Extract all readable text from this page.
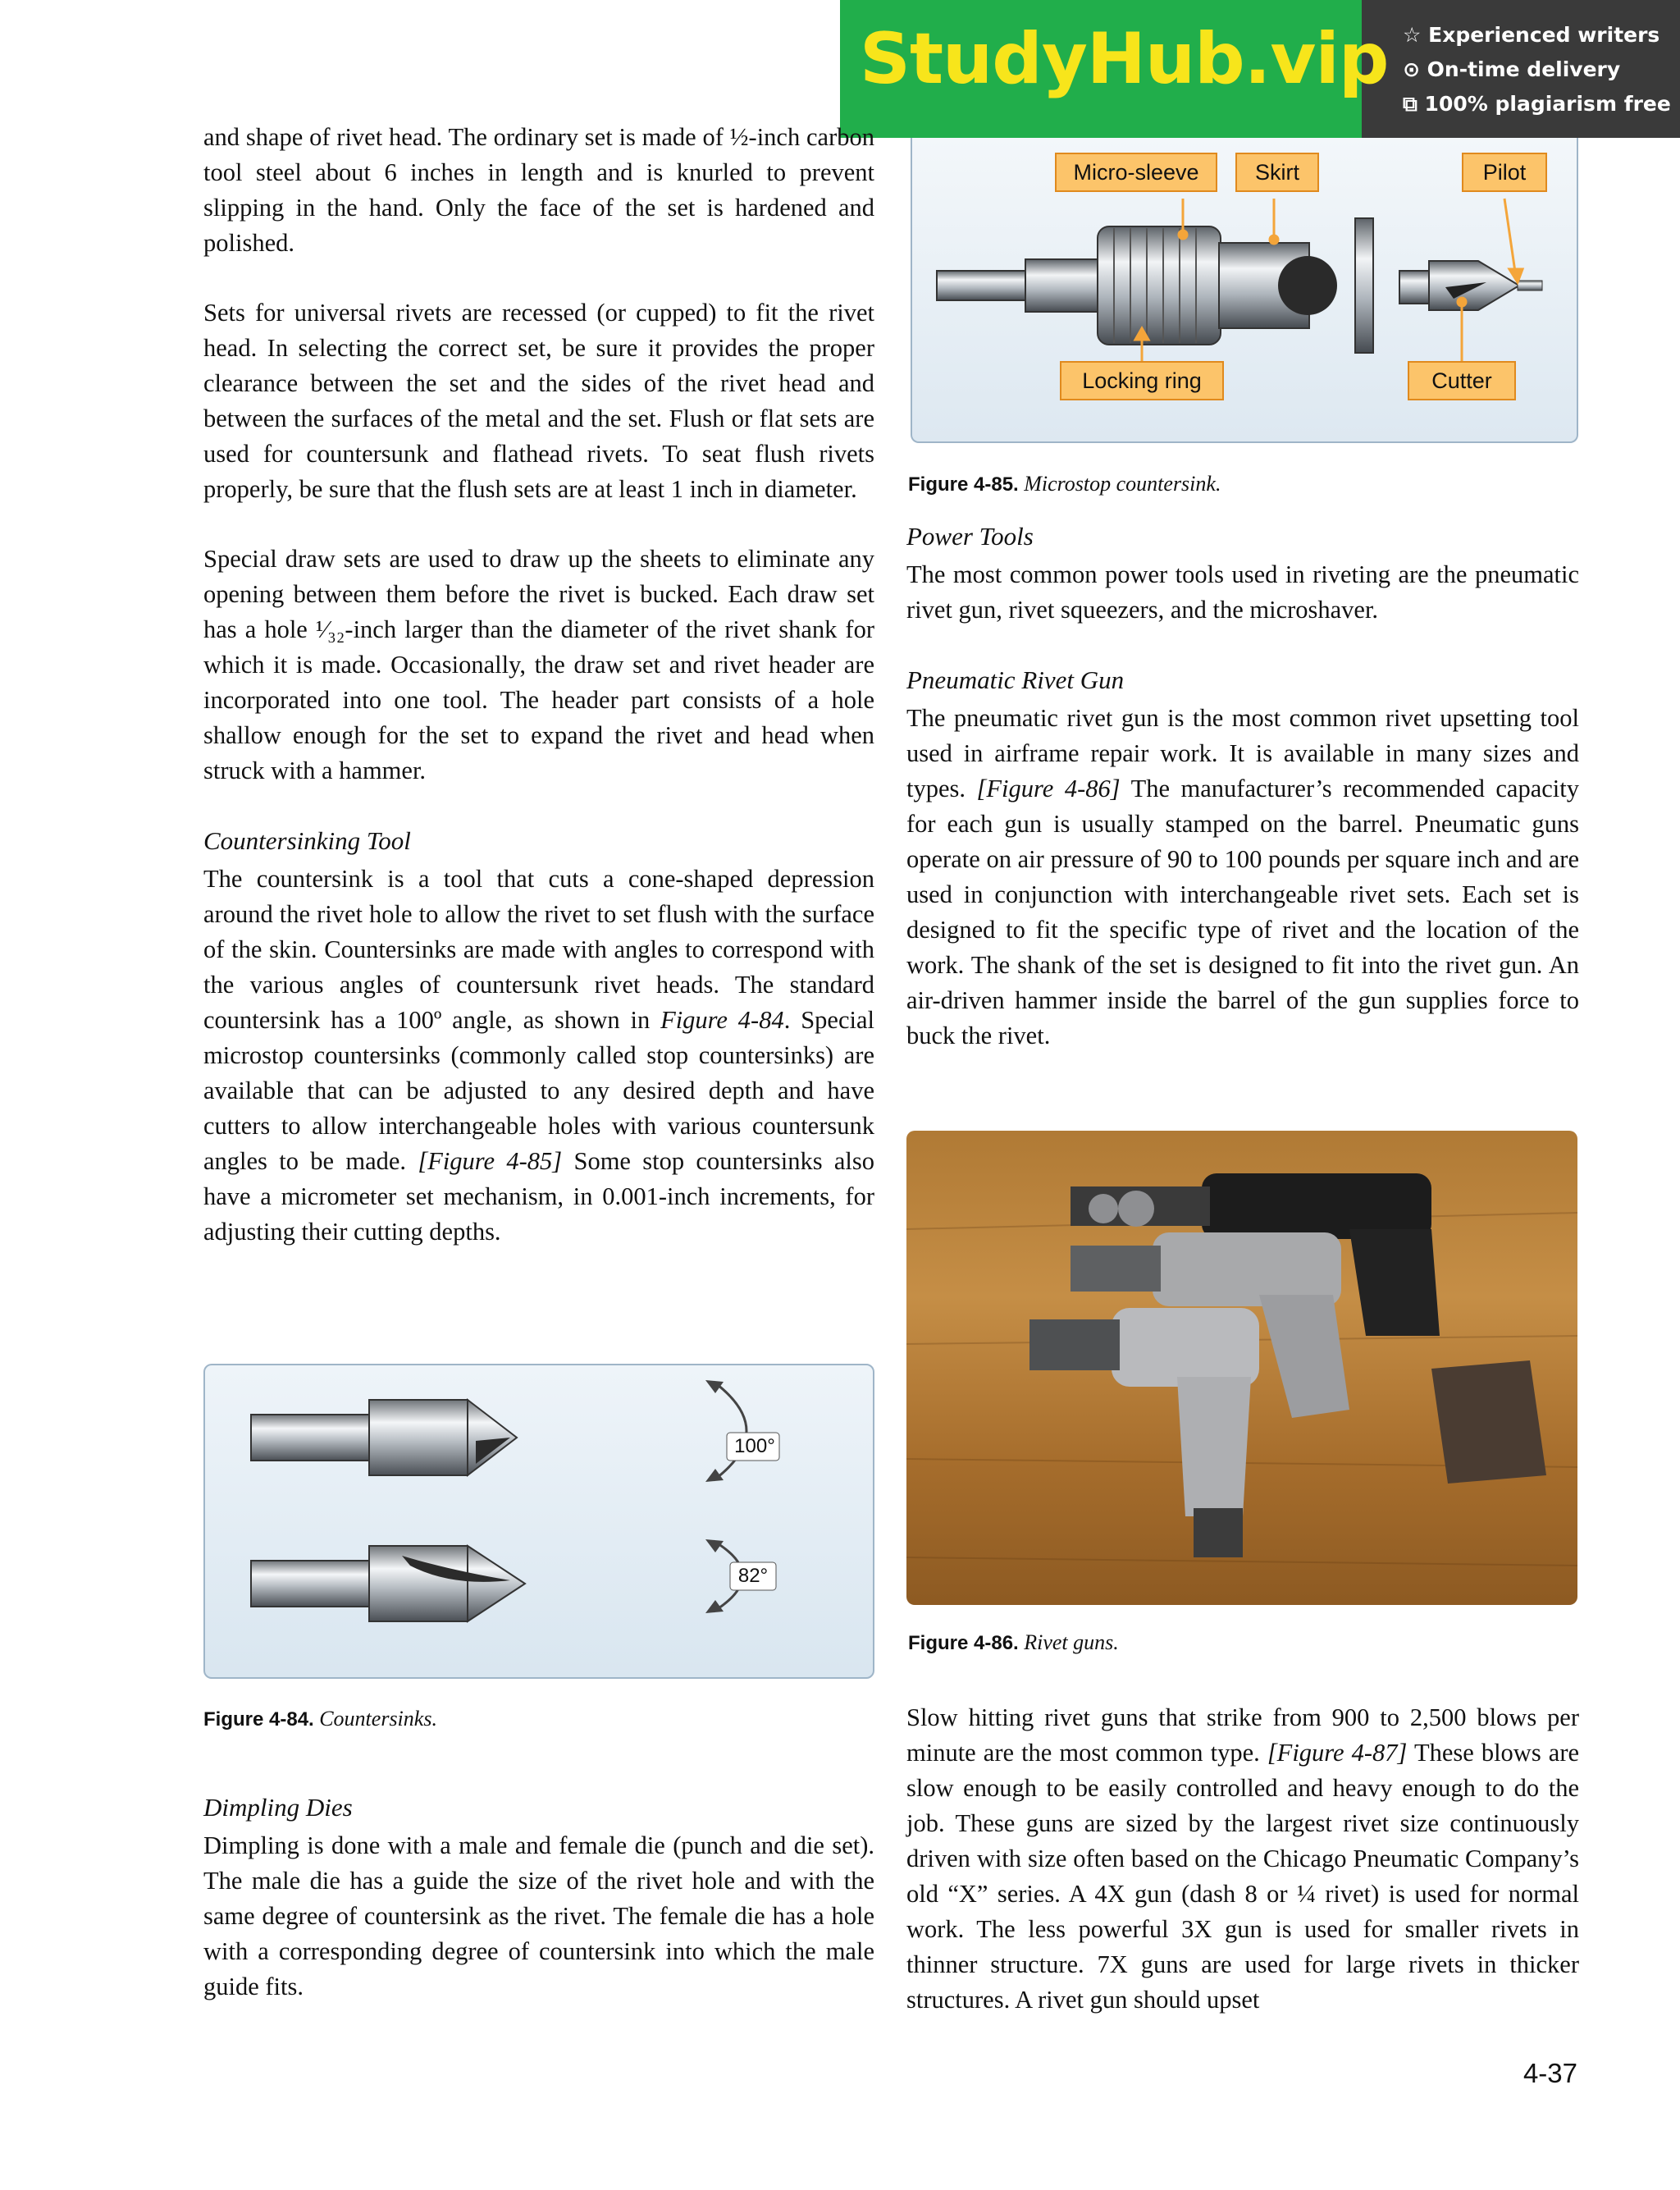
StudyHub.vip ☆ Experienced writers
⊙ On-time delivery
⧉ 100% plagiarism free

and shape of rivet head. The ordinary set is made of ½-inch carbon tool steel about 6 inches in length and is knurled to prevent slipping in the hand. Only the face of the set is hardened and polished.

Sets for universal rivets are recessed (or cupped) to fit the rivet head. In selecting the correct set, be sure it provides the proper clearance between the set and the sides of the rivet head and between the surfaces of the metal and the set. Flush or flat sets are used for countersunk and flathead rivets. To seat flush rivets properly, be sure that the flush sets are at least 1 inch in diameter.

Special draw sets are used to draw up the sheets to eliminate any opening between them before the rivet is bucked. Each draw set has a hole ¹⁄₃₂-inch larger than the diameter of the rivet shank for which it is made. Occasionally, the draw set and rivet header are incorporated into one tool. The header part consists of a hole shallow enough for the set to expand the rivet and head when struck with a hammer.

Countersinking Tool

The countersink is a tool that cuts a cone-shaped depression around the rivet hole to allow the rivet to set flush with the surface of the skin. Countersinks are made with angles to correspond with the various angles of countersunk rivet heads. The standard countersink has a 100º angle, as shown in Figure 4-84. Special microstop countersinks (commonly called stop countersinks) are available that can be adjusted to any desired depth and have cutters to allow interchangeable holes with various countersunk angles to be made. [Figure 4-85] Some stop countersinks also have a micrometer set mechanism, in 0.001-inch increments, for adjusting their cutting depths.

100°
82°
Figure 4-84. Countersinks.
Dimpling Dies

Dimpling is done with a male and female die (punch and die set). The male die has a guide the size of the rivet hole and with the same degree of countersink as the rivet. The female die has a hole with a corresponding degree of countersink into which the male guide fits.

Micro-sleeve	Skirt	Pilot
Locking ring	Cutter
Figure 4-85. Microstop countersink.
Power Tools

The most common power tools used in riveting are the pneumatic rivet gun, rivet squeezers, and the microshaver.

Pneumatic Rivet Gun

The pneumatic rivet gun is the most common rivet upsetting tool used in airframe repair work. It is available in many sizes and types. [Figure 4-86] The manufacturer’s recommended capacity for each gun is usually stamped on the barrel. Pneumatic guns operate on air pressure of 90 to 100 pounds per square inch and are used in conjunction with interchangeable rivet sets. Each set is designed to fit the specific type of rivet and the location of the work. The shank of the set is designed to fit into the rivet gun. An air-driven hammer inside the barrel of the gun supplies force to buck the rivet.

Figure 4-86. Rivet guns.

Slow hitting rivet guns that strike from 900 to 2,500 blows per minute are the most common type. [Figure 4-87] These blows are slow enough to be easily controlled and heavy enough to do the job. These guns are sized by the largest rivet size continuously driven with size often based on the Chicago Pneumatic Company’s old “X” series. A 4X gun (dash 8 or ¼ rivet) is used for normal work. The less powerful 3X gun is used for smaller rivets in thinner structure. 7X guns are used for large rivets in thicker structures. A rivet gun should upset

4-37
